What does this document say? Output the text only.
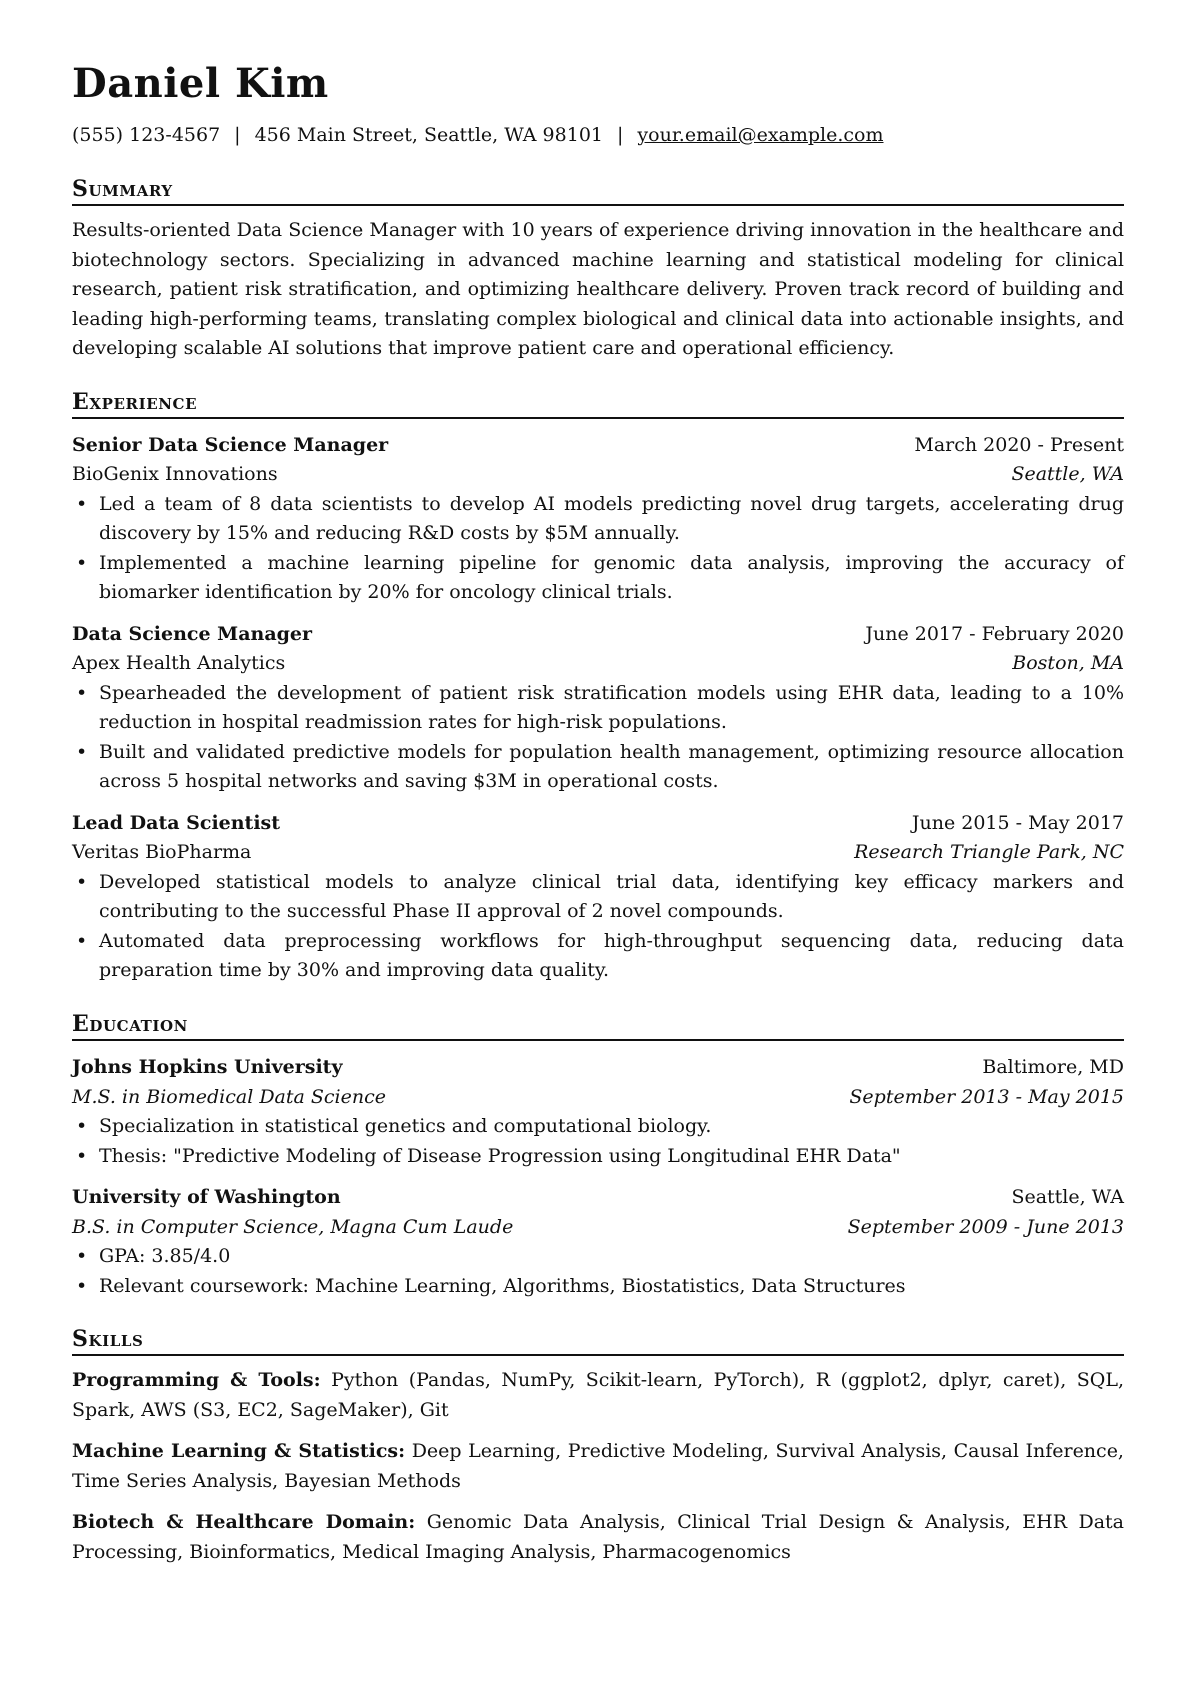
Daniel Kim
(555) 123-4567 | 456 Main Street, Seattle, WA 98101 | your.email@example.com
Summary

Results-oriented Data Science Manager with 10 years of experience driving innovation in the healthcare and biotechnology sectors. Specializing in advanced machine learning and statistical modeling for clinical research, patient risk stratification, and optimizing healthcare delivery. Proven track record of building and leading high-performing teams, translating complex biological and clinical data into actionable insights, and developing scalable AI solutions that improve patient care and operational efficiency.

Experience
Senior Data Science Manager	March 2020 - Present
BioGenix Innovations	Seattle, WA
• Led a team of 8 data scientists to develop AI models predicting novel drug targets, accelerating drug discovery by 15% and reducing R&D costs by $5M annually.
• Implemented a machine learning pipeline for genomic data analysis, improving the accuracy of biomarker identification by 20% for oncology clinical trials.
Data Science Manager	June 2017 - February 2020
Apex Health Analytics	Boston, MA
• Spearheaded the development of patient risk stratification models using EHR data, leading to a 10% reduction in hospital readmission rates for high-risk populations.
• Built and validated predictive models for population health management, optimizing resource allocation across 5 hospital networks and saving $3M in operational costs.
Lead Data Scientist	June 2015 - May 2017
Veritas BioPharma	Research Triangle Park, NC
• Developed statistical models to analyze clinical trial data, identifying key efficacy markers and contributing to the successful Phase II approval of 2 novel compounds.
• Automated data preprocessing workflows for high-throughput sequencing data, reducing data preparation time by 30% and improving data quality.
Education
Johns Hopkins University	Baltimore, MD
M.S. in Biomedical Data Science	September 2013 - May 2015
• Specialization in statistical genetics and computational biology.
• Thesis: "Predictive Modeling of Disease Progression using Longitudinal EHR Data"
University of Washington	Seattle, WA
B.S. in Computer Science, Magna Cum Laude	September 2009 - June 2013
• GPA: 3.85/4.0
• Relevant coursework: Machine Learning, Algorithms, Biostatistics, Data Structures
Skills

Programming & Tools: Python (Pandas, NumPy, Scikit-learn, PyTorch), R (ggplot2, dplyr, caret), SQL, Spark, AWS (S3, EC2, SageMaker), Git

Machine Learning & Statistics: Deep Learning, Predictive Modeling, Survival Analysis, Causal Inference, Time Series Analysis, Bayesian Methods

Biotech & Healthcare Domain: Genomic Data Analysis, Clinical Trial Design & Analysis, EHR Data Processing, Bioinformatics, Medical Imaging Analysis, Pharmacogenomics
